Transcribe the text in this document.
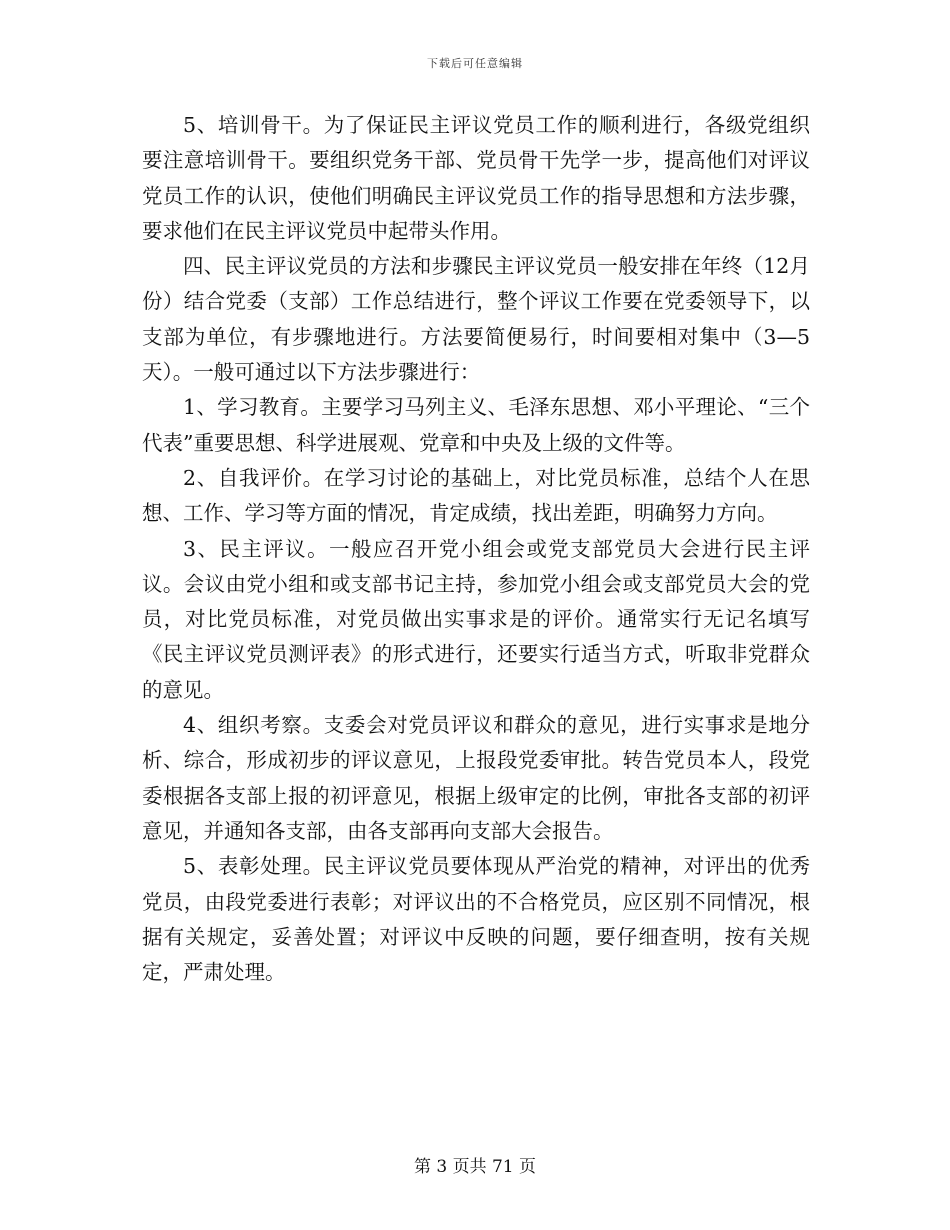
下载后可任意编辑

5、培训骨干。为了保证民主评议党员工作的顺利进行，各级党组织要注意培训骨干。要组织党务干部、党员骨干先学一步，提高他们对评议党员工作的认识，使他们明确民主评议党员工作的指导思想和方法步骤，要求他们在民主评议党员中起带头作用。

四、民主评议党员的方法和步骤民主评议党员一般安排在年终（12月份）结合党委（支部）工作总结进行，整个评议工作要在党委领导下，以支部为单位，有步骤地进行。方法要简便易行，时间要相对集中（3—5天）。一般可通过以下方法步骤进行：

1、学习教育。主要学习马列主义、毛泽东思想、邓小平理论、“三个代表”重要思想、科学进展观、党章和中央及上级的文件等。

2、自我评价。在学习讨论的基础上，对比党员标准，总结个人在思想、工作、学习等方面的情况，肯定成绩，找出差距，明确努力方向。

3、民主评议。一般应召开党小组会或党支部党员大会进行民主评议。会议由党小组和或支部书记主持，参加党小组会或支部党员大会的党员，对比党员标准，对党员做出实事求是的评价。通常实行无记名填写《民主评议党员测评表》的形式进行，还要实行适当方式，听取非党群众的意见。

4、组织考察。支委会对党员评议和群众的意见，进行实事求是地分析、综合，形成初步的评议意见，上报段党委审批。转告党员本人，段党委根据各支部上报的初评意见，根据上级审定的比例，审批各支部的初评意见，并通知各支部，由各支部再向支部大会报告。

5、表彰处理。民主评议党员要体现从严治党的精神，对评出的优秀党员，由段党委进行表彰；对评议出的不合格党员，应区别不同情况，根据有关规定，妥善处置；对评议中反映的问题，要仔细查明，按有关规定，严肃处理。

第 3 页共 71 页
